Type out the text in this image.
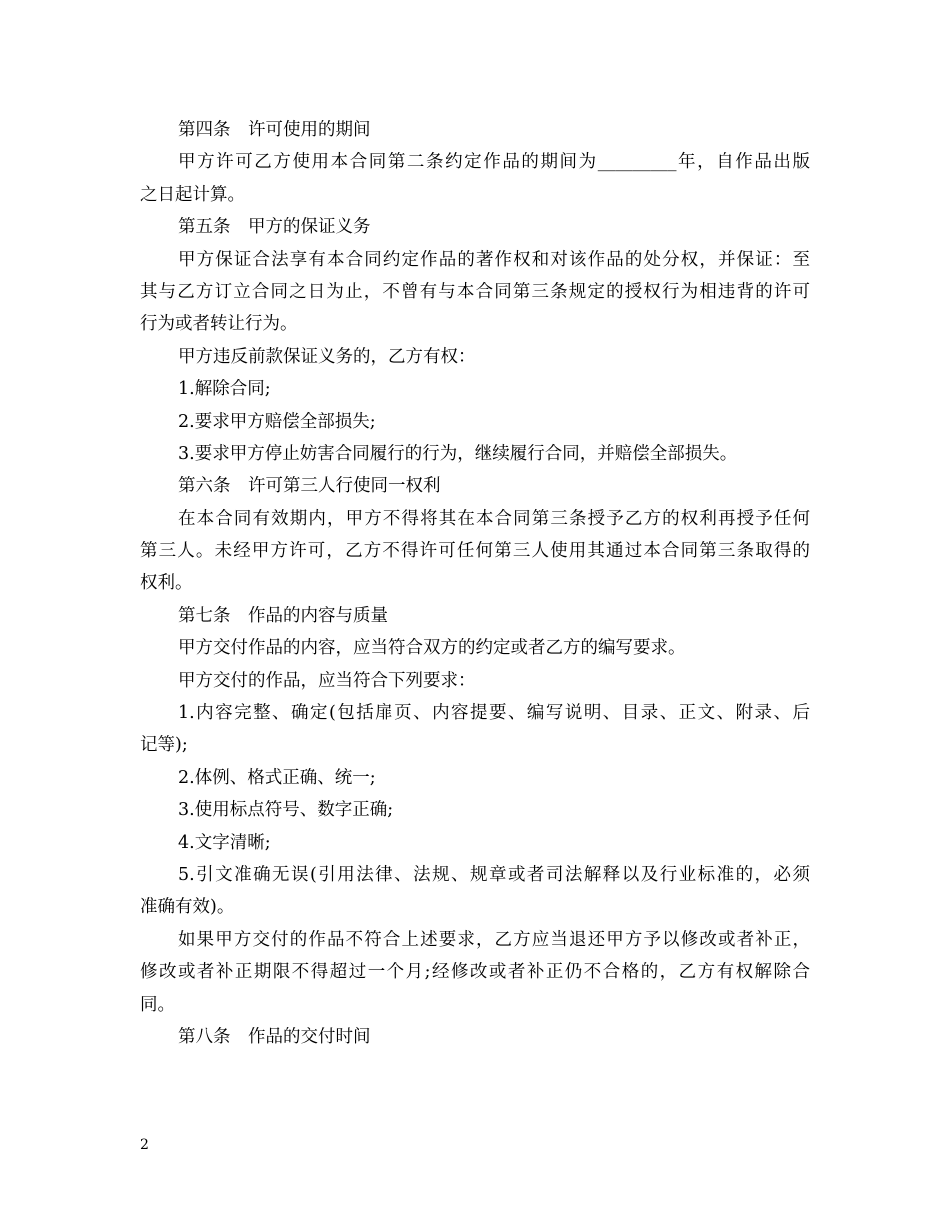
第四条　许可使用的期间
甲方许可乙方使用本合同第二条约定作品的期间为_________年，自作品出版
之日起计算。
第五条　甲方的保证义务
甲方保证合法享有本合同约定作品的著作权和对该作品的处分权，并保证：至
其与乙方订立合同之日为止，不曾有与本合同第三条规定的授权行为相违背的许可
行为或者转让行为。
甲方违反前款保证义务的，乙方有权：
1.解除合同;
2.要求甲方赔偿全部损失;
3.要求甲方停止妨害合同履行的行为，继续履行合同，并赔偿全部损失。
第六条　许可第三人行使同一权利
在本合同有效期内，甲方不得将其在本合同第三条授予乙方的权利再授予任何
第三人。未经甲方许可，乙方不得许可任何第三人使用其通过本合同第三条取得的
权利。
第七条　作品的内容与质量
甲方交付作品的内容，应当符合双方的约定或者乙方的编写要求。
甲方交付的作品，应当符合下列要求：
1.内容完整、确定(包括扉页、内容提要、编写说明、目录、正文、附录、后
记等);
2.体例、格式正确、统一;
3.使用标点符号、数字正确;
4.文字清晰;
5.引文准确无误(引用法律、法规、规章或者司法解释以及行业标准的，必须
准确有效)。
如果甲方交付的作品不符合上述要求，乙方应当退还甲方予以修改或者补正，
修改或者补正期限不得超过一个月;经修改或者补正仍不合格的，乙方有权解除合
同。
第八条　作品的交付时间
2
